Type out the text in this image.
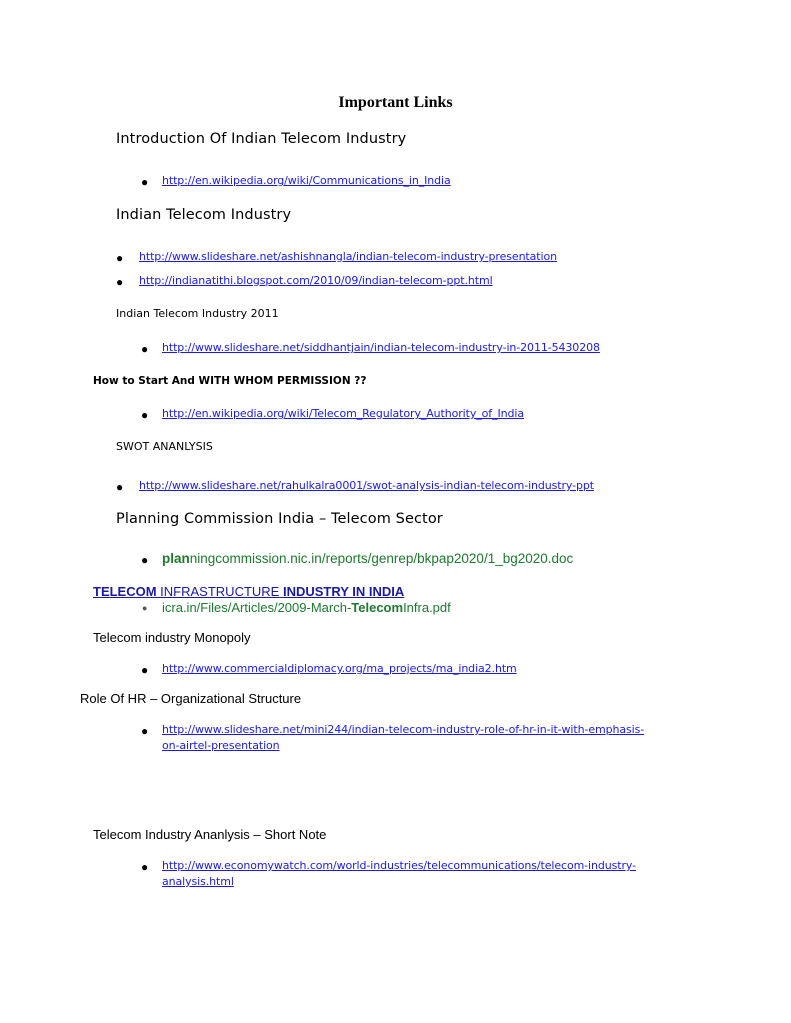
Important Links
Introduction Of Indian Telecom Industry
● http://en.wikipedia.org/wiki/Communications_in_India
Indian Telecom Industry
● http://www.slideshare.net/ashishnangla/indian-telecom-industry-presentation
● http://indianatithi.blogspot.com/2010/09/indian-telecom-ppt.html
Indian Telecom Industry 2011
● http://www.slideshare.net/siddhantjain/indian-telecom-industry-in-2011-5430208
How to Start And WITH WHOM PERMISSION ??
● http://en.wikipedia.org/wiki/Telecom_Regulatory_Authority_of_India
SWOT ANANLYSIS
● http://www.slideshare.net/rahulkalra0001/swot-analysis-indian-telecom-industry-ppt
Planning Commission India – Telecom Sector
● planningcommission.nic.in/reports/genrep/bkpap2020/1_bg2020.doc
TELECOM INFRASTRUCTURE INDUSTRY IN INDIA
● icra.in/Files/Articles/2009-March-TelecomInfra.pdf
Telecom industry Monopoly
● http://www.commercialdiplomacy.org/ma_projects/ma_india2.htm
Role Of HR – Organizational Structure
● http://www.slideshare.net/mini244/indian-telecom-industry-role-of-hr-in-it-with-emphasis-
on-airtel-presentation
Telecom Industry Ananlysis – Short Note
● http://www.economywatch.com/world-industries/telecommunications/telecom-industry-
analysis.html
